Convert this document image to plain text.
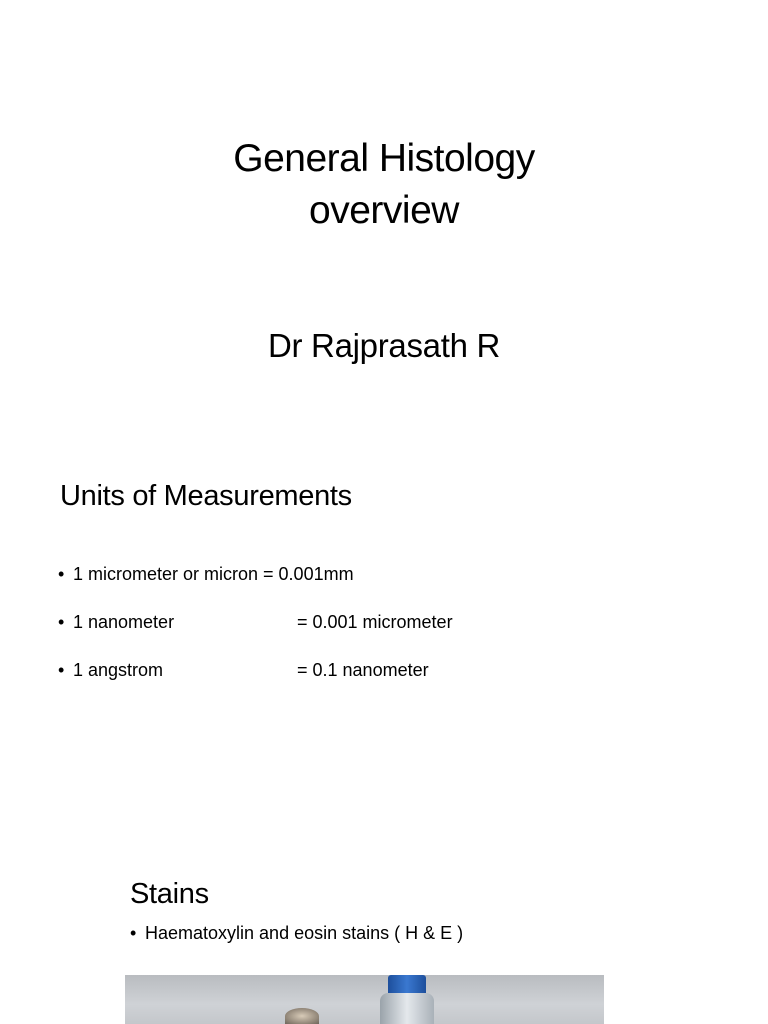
General Histology
overview
Dr Rajprasath R
Units of Measurements
• 1 micrometer or micron = 0.001mm
• 1 nanometer	= 0.001 micrometer
• 1 angstrom	= 0.1 nanometer
Stains
• Haematoxylin and eosin stains ( H & E )
